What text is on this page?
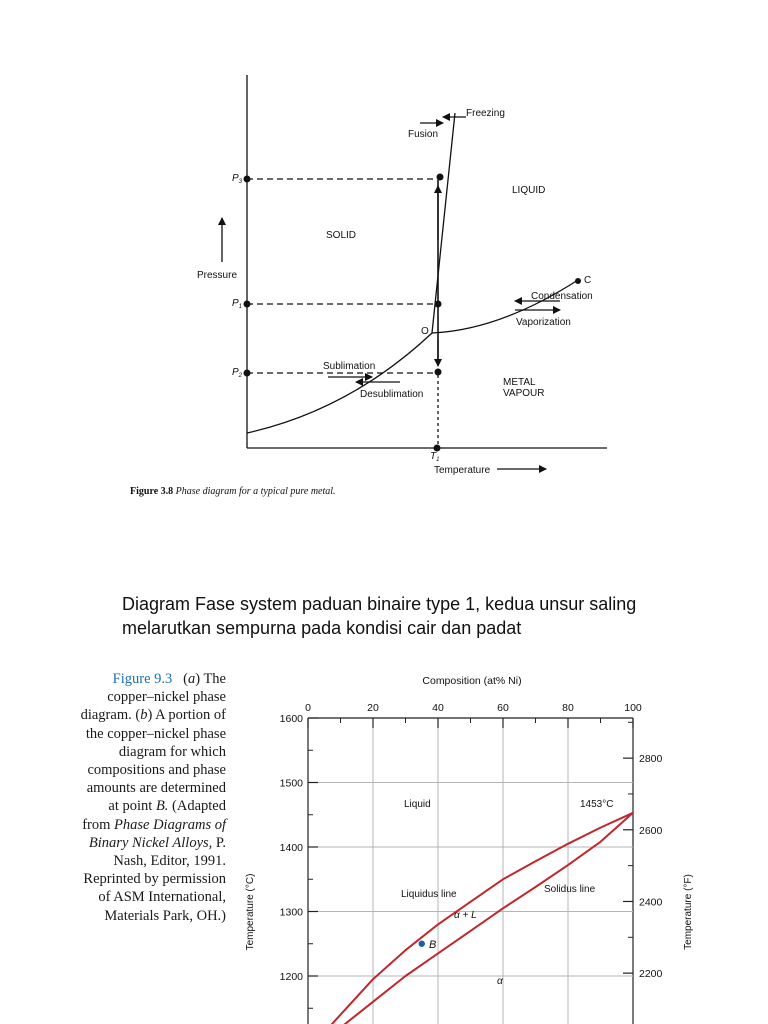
Freezing
Fusion
LIQUID
SOLID
Pressure
$P_3$
$P_1$
$P_2$
C
Condensation
Vaporization
O
Sublimation
Desublimation
METAL
VAPOUR
$T_1$
Temperature
Figure 3.8 Phase diagram for a typical pure metal.
Diagram Fase system paduan binaire type 1, kedua unsur saling
melarutkan sempurna pada kondisi cair dan padat
Figure 9.3   (a) The copper–nickel phase diagram. (b) A portion of the copper–nickel phase diagram for which compositions and phase amounts are determined at point B. (Adapted from Phase Diagrams of Binary Nickel Alloys, P. Nash, Editor, 1991. Reprinted by permission of ASM International, Materials Park, OH.)
Composition (at% Ni)
Temperature (°C)	Temperature (°F)
0	20	40	60	80	100
1600
1500
1400
1300
1200
2800
2600
2400
2200
Liquid	1453°C
Liquidus line	Solidus line
α + L
B
α
